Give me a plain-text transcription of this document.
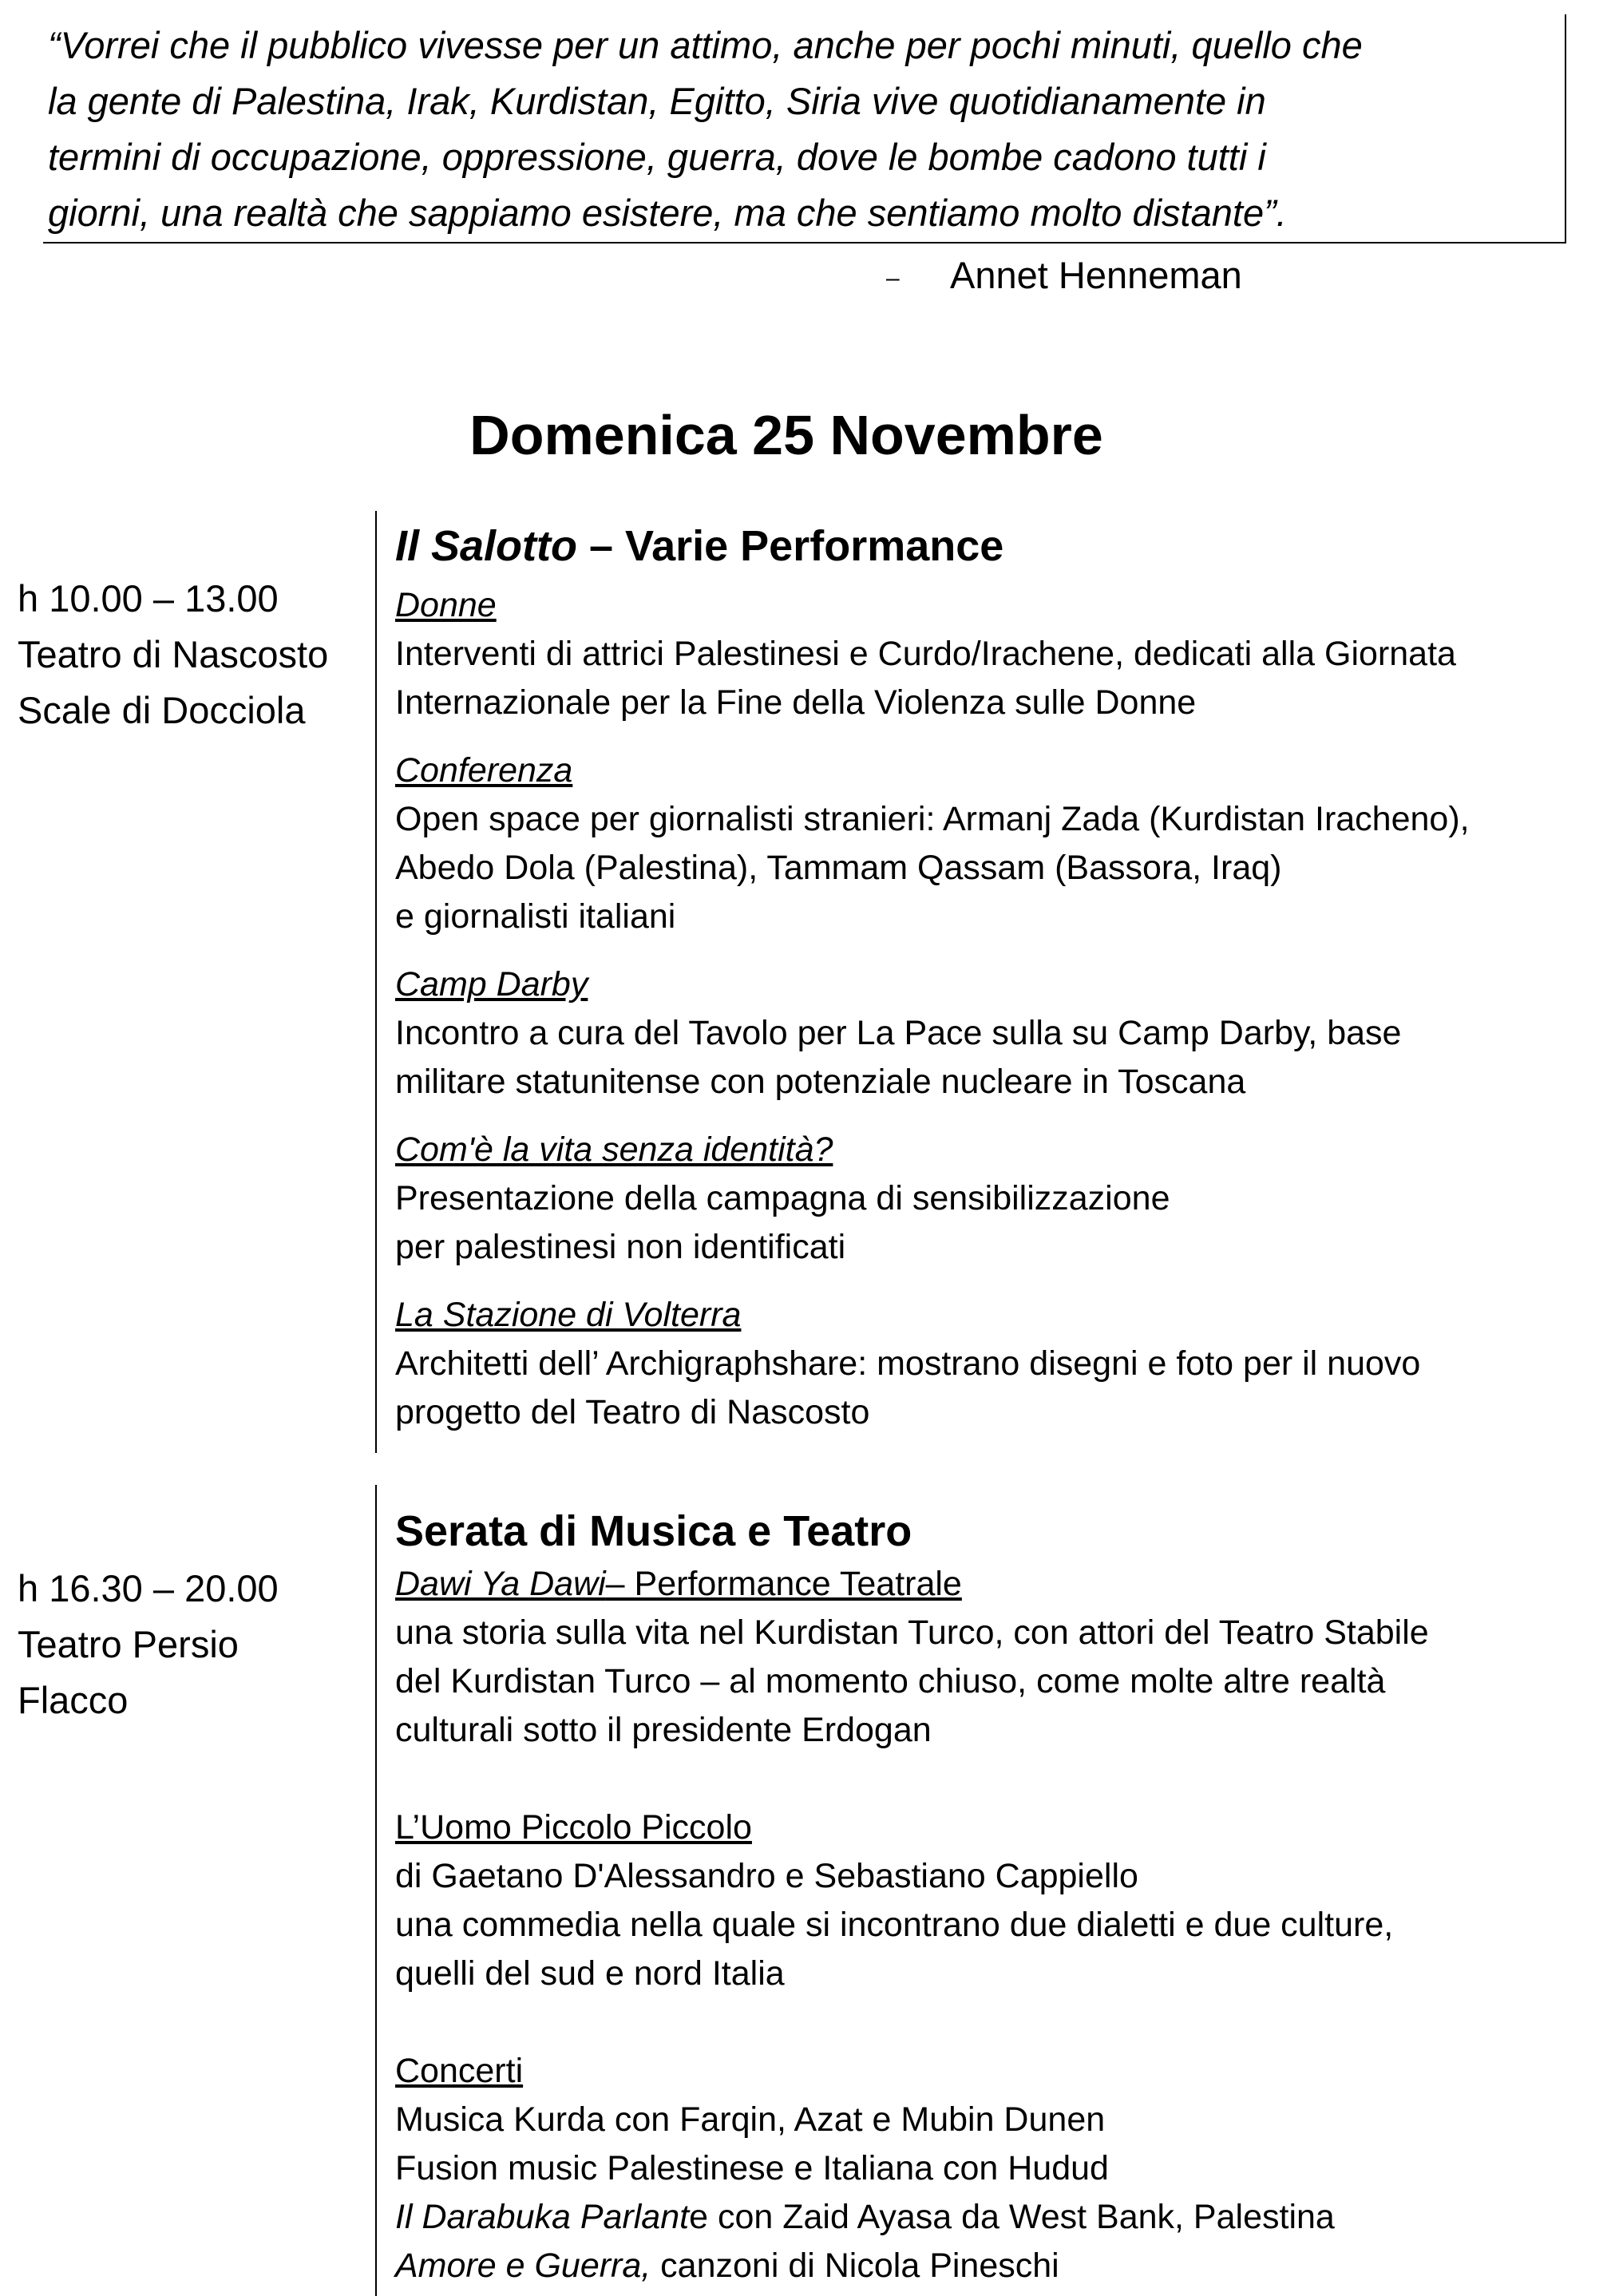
“Vorrei che il pubblico vivesse per un attimo, anche per pochi minuti, quello che
la gente di Palestina, Irak, Kurdistan, Egitto, Siria vive quotidianamente in
termini di occupazione, oppressione, guerra, dove le bombe cadono tutti i
giorni, una realtà che sappiamo esistere, ma che sentiamo molto distante”.
– Annet Henneman
Domenica 25 Novembre
h 10.00 – 13.00
Teatro di Nascosto
Scale di Docciola
Il Salotto – Varie Performance
Donne
Interventi di attrici Palestinesi e Curdo/Irachene, dedicati alla Giornata
Internazionale per la Fine della Violenza sulle Donne
Conferenza
Open space per giornalisti stranieri: Armanj Zada (Kurdistan Iracheno),
Abedo Dola (Palestina), Tammam Qassam (Bassora, Iraq)
e giornalisti italiani
Camp Darby
Incontro a cura del Tavolo per La Pace sulla su Camp Darby, base
militare statunitense con potenziale nucleare in Toscana
Com'è la vita senza identità?
Presentazione della campagna di sensibilizzazione
per palestinesi non identificati
La Stazione di Volterra
Architetti dell’ Archigraphshare: mostrano disegni e foto per il nuovo
progetto del Teatro di Nascosto
h 16.30 – 20.00
Teatro Persio
Flacco
Serata di Musica e Teatro
Dawi Ya Dawi– Performance Teatrale
una storia sulla vita nel Kurdistan Turco, con attori del Teatro Stabile
del Kurdistan Turco – al momento chiuso, come molte altre realtà
culturali sotto il presidente Erdogan
L’Uomo Piccolo Piccolo
di Gaetano D'Alessandro e Sebastiano Cappiello
una commedia nella quale si incontrano due dialetti e due culture,
quelli del sud e nord Italia
Concerti
Musica Kurda con Farqin, Azat e Mubin Dunen
Fusion music Palestinese e Italiana con Hudud
Il Darabuka Parlante con Zaid Ayasa da West Bank, Palestina
Amore e Guerra, canzoni di Nicola Pineschi
